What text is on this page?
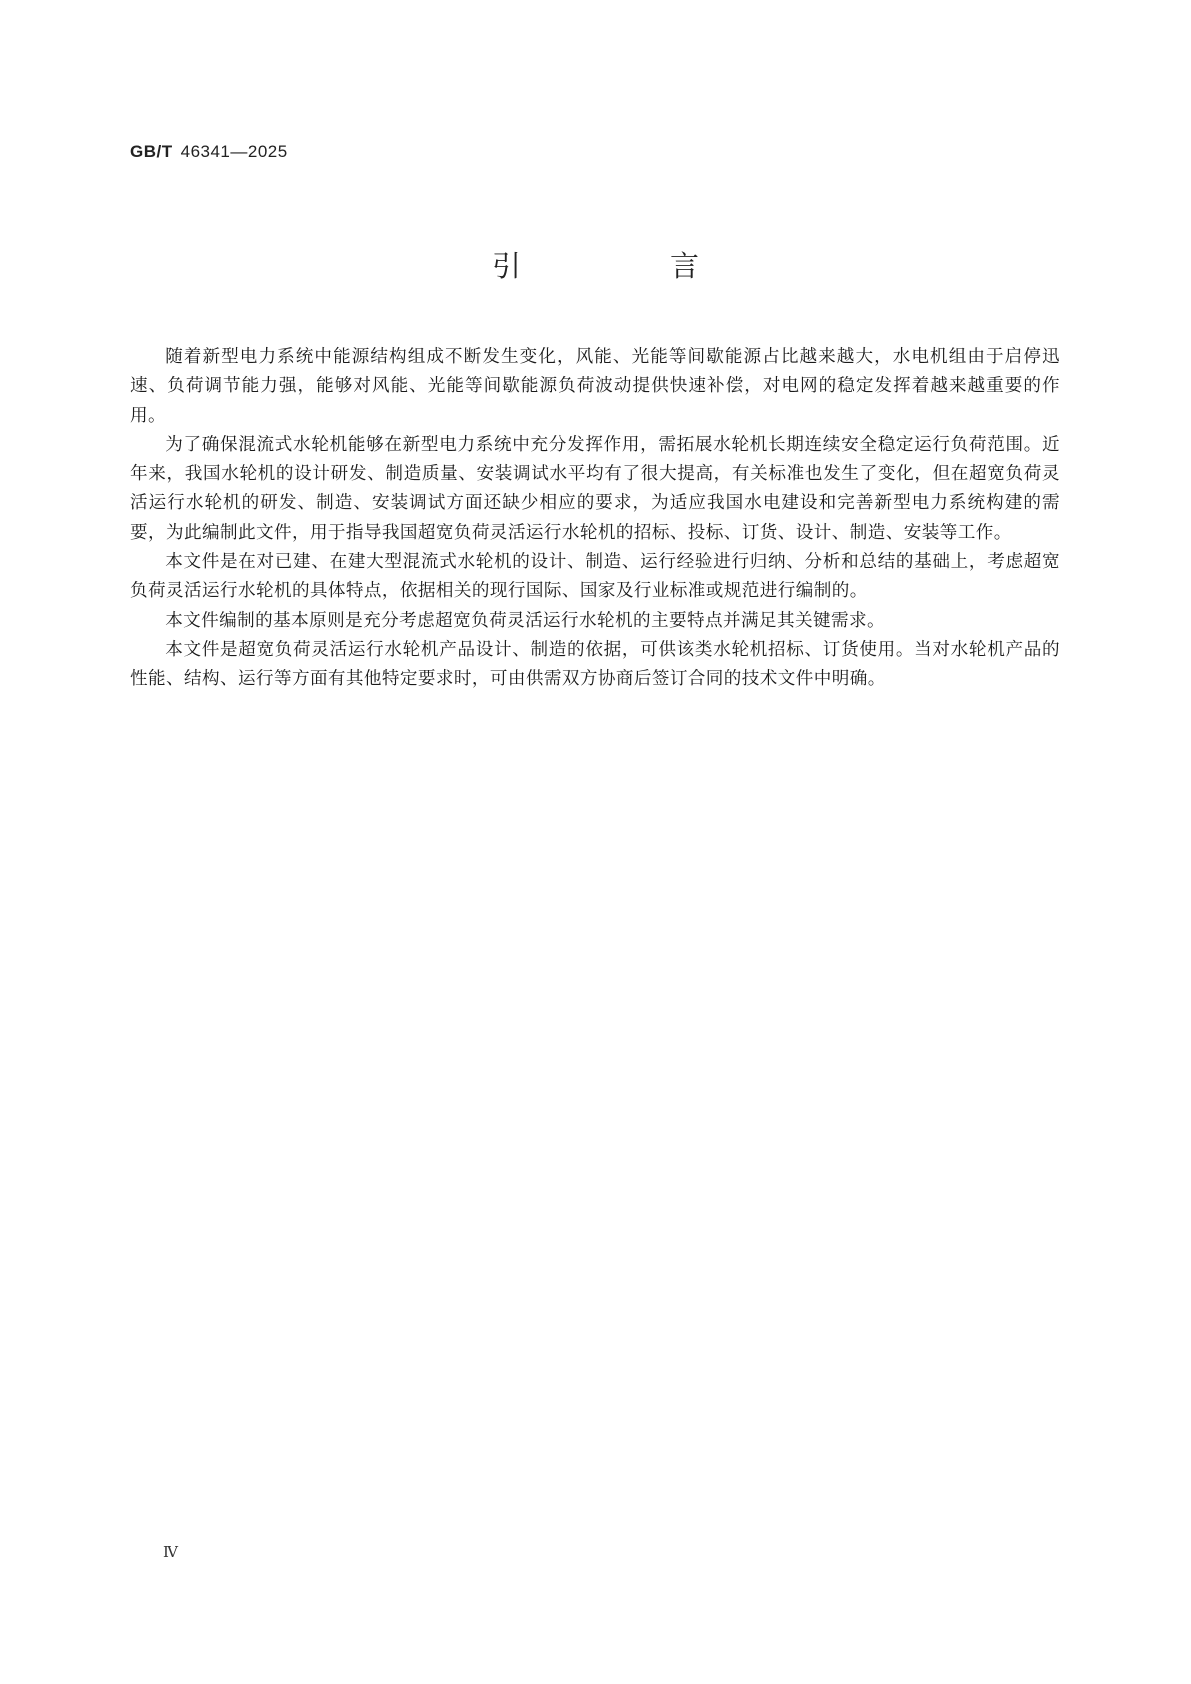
GB/T 46341—2025
引　言

随着新型电力系统中能源结构组成不断发生变化，风能、光能等间歇能源占比越来越大，水电机组由于启停迅速、负荷调节能力强，能够对风能、光能等间歇能源负荷波动提供快速补偿，对电网的稳定发挥着越来越重要的作用。

为了确保混流式水轮机能够在新型电力系统中充分发挥作用，需拓展水轮机长期连续安全稳定运行负荷范围。近年来，我国水轮机的设计研发、制造质量、安装调试水平均有了很大提高，有关标准也发生了变化，但在超宽负荷灵活运行水轮机的研发、制造、安装调试方面还缺少相应的要求，为适应我国水电建设和完善新型电力系统构建的需要，为此编制此文件，用于指导我国超宽负荷灵活运行水轮机的招标、投标、订货、设计、制造、安装等工作。

本文件是在对已建、在建大型混流式水轮机的设计、制造、运行经验进行归纳、分析和总结的基础上，考虑超宽负荷灵活运行水轮机的具体特点，依据相关的现行国际、国家及行业标准或规范进行编制的。

本文件编制的基本原则是充分考虑超宽负荷灵活运行水轮机的主要特点并满足其关键需求。

本文件是超宽负荷灵活运行水轮机产品设计、制造的依据，可供该类水轮机招标、订货使用。当对水轮机产品的性能、结构、运行等方面有其他特定要求时，可由供需双方协商后签订合同的技术文件中明确。

Ⅳ
